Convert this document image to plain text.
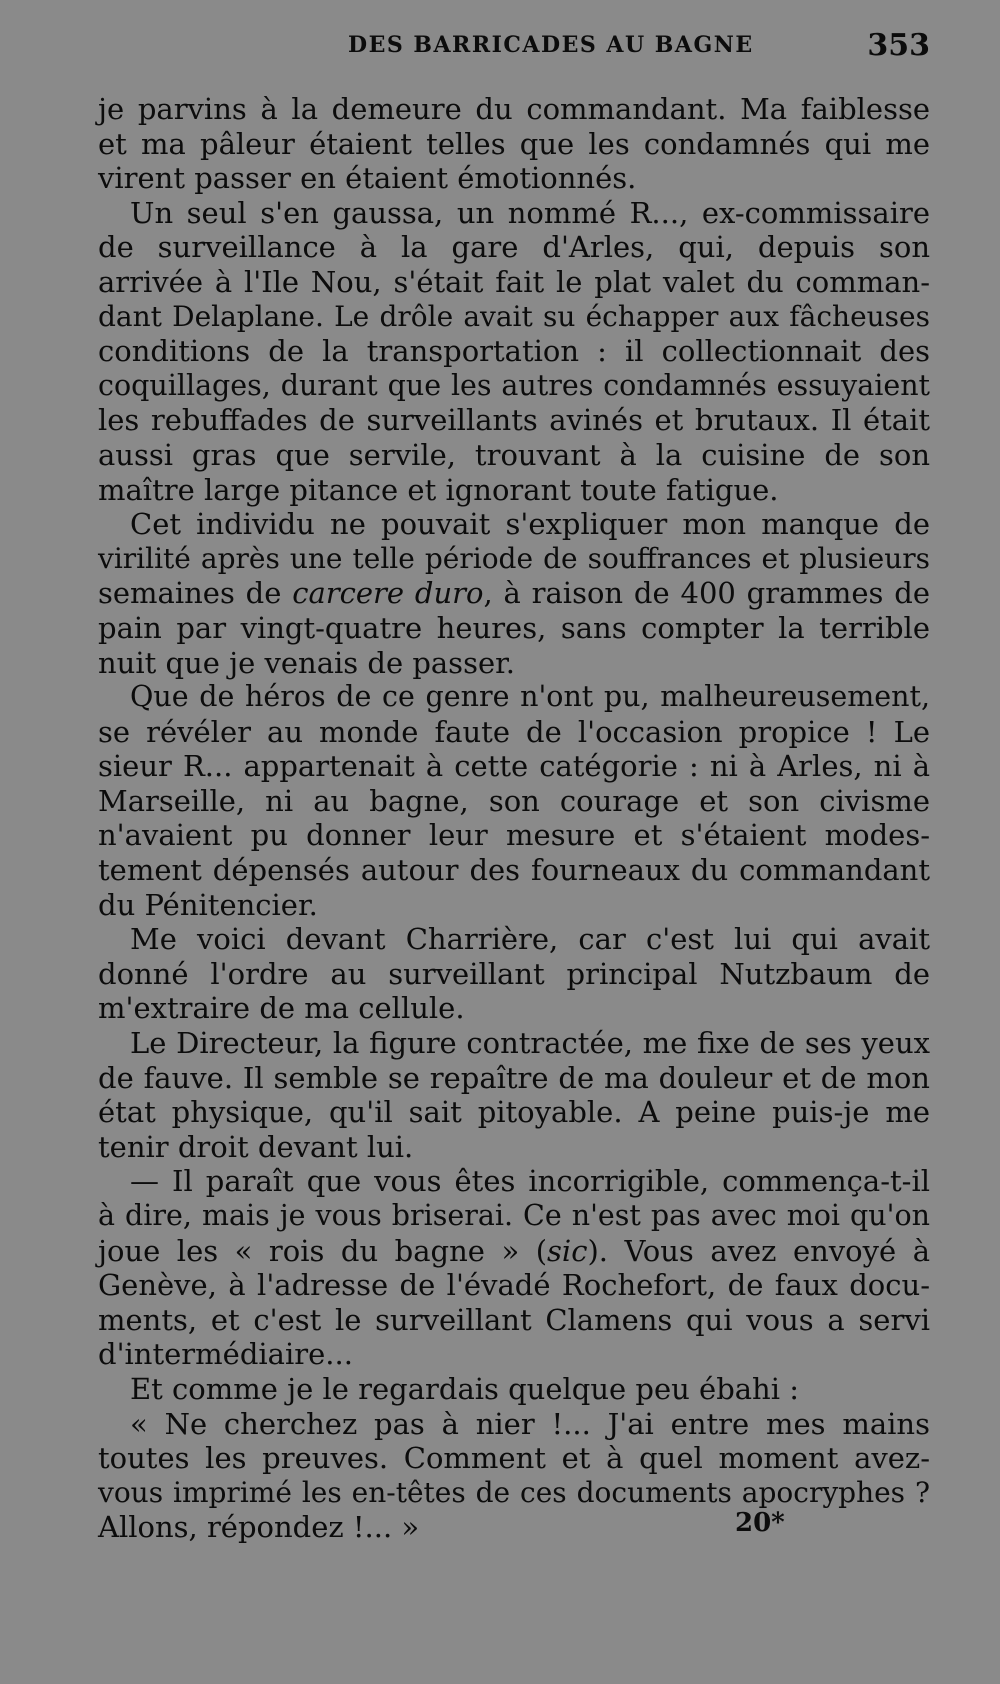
DES BARRICADES AU BAGNE	353
je parvins à la demeure du commandant. Ma faiblesse
et ma pâleur étaient telles que les condamnés qui me
virent passer en étaient émotionnés.
Un seul s'en gaussa, un nommé R..., ex-commissaire
de surveillance à la gare d'Arles, qui, depuis son
arrivée à l'Ile Nou, s'était fait le plat valet du comman-
dant Delaplane. Le drôle avait su échapper aux fâcheuses
conditions de la transportation : il collectionnait des
coquillages, durant que les autres condamnés essuyaient
les rebuffades de surveillants avinés et brutaux. Il était
aussi gras que servile, trouvant à la cuisine de son
maître large pitance et ignorant toute fatigue.
Cet individu ne pouvait s'expliquer mon manque de
virilité après une telle période de souffrances et plusieurs
semaines de carcere duro, à raison de 400 grammes de
pain par vingt-quatre heures, sans compter la terrible
nuit que je venais de passer.
Que de héros de ce genre n'ont pu, malheureusement,
se révéler au monde faute de l'occasion propice ! Le
sieur R... appartenait à cette catégorie : ni à Arles, ni à
Marseille, ni au bagne, son courage et son civisme
n'avaient pu donner leur mesure et s'étaient modes-
tement dépensés autour des fourneaux du commandant
du Pénitencier.
Me voici devant Charrière, car c'est lui qui avait
donné l'ordre au surveillant principal Nutzbaum de
m'extraire de ma cellule.
Le Directeur, la figure contractée, me fixe de ses yeux
de fauve. Il semble se repaître de ma douleur et de mon
état physique, qu'il sait pitoyable. A peine puis-je me
tenir droit devant lui.
— Il paraît que vous êtes incorrigible, commença-t-il
à dire, mais je vous briserai. Ce n'est pas avec moi qu'on
joue les « rois du bagne » (sic). Vous avez envoyé à
Genève, à l'adresse de l'évadé Rochefort, de faux docu-
ments, et c'est le surveillant Clamens qui vous a servi
d'intermédiaire...
Et comme je le regardais quelque peu ébahi :
« Ne cherchez pas à nier !... J'ai entre mes mains
toutes les preuves. Comment et à quel moment avez-
vous imprimé les en-têtes de ces documents apocryphes ?
Allons, répondez !... »	20*
